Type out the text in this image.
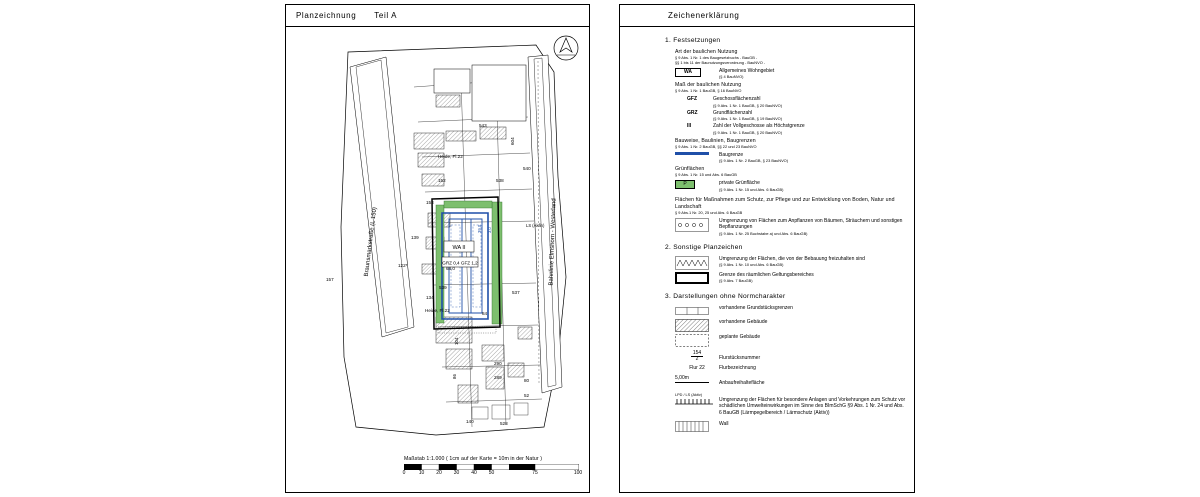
Planzeichnung Teil A
WA II
GRZ 0,4 GFZ 1,2
Braunsmarkstraße (L 150)	Bahnlinie Elmshorn - Westerland
543
604
540
538
152
153
139
122*
157
539
134
537
84
68,0
Heide, Fl.22
Heide, Fl.22
LS (Akfin)
104
86
290
289
80
52
140	528
39,0 3,0
Maßstab 1:1.000 ( 1cm auf der Karte = 10m in der Natur )
0	10 20 30 40 50	75	100
Zeichenerklärung
1. Festsetzungen
Art der baulichen Nutzung
§ 9 Abs. 1 Nr. 1 des Baugesetzbuchs - BauGB -
§§ 1 bis 11 der Baunutzungsverordnung - BauNVO -
WA	Allgemeines Wohngebiet
(§ 4 BauNVO)
Maß der baulichen Nutzung
§ 9 Abs. 1 Nr. 1 BauGB, § 16 BauNVO
GFZ	Geschossflächenzahl
(§ 9 Abs. 1 Nr. 1 BauGB, § 20 BauNVO)
GRZ	Grundflächenzahl
(§ 9 Abs. 1 Nr. 1 BauGB, § 19 BauNVO)
III	Zahl der Vollgeschosse als Höchstgrenze
(§ 9 Abs. 1 Nr. 1 BauGB, § 20 BauNVO)
Bauweise, Baulinien, Baugrenzen
§ 9 Abs. 1 Nr. 2 BauGB, §§ 22 und 23 BauNVO
Baugrenze
(§ 9 Abs. 1 Nr. 2 BauGB, § 23 BauNVO)
Grünflächen
§ 9 Abs. 1 Nr. 15 und Abs. 6 BauGB
P	private Grünfläche
(§ 9 Abs. 1 Nr. 15 und Abs. 6 BauGB)
Flächen für Maßnahmen zum Schutz, zur Pflege und zur Entwicklung von Boden, Natur und Landschaft
§ 9 Abs.1 Nr. 20, 25 und Abs. 6 BauGB
Umgrenzung von Flächen zum Anpflanzen von Bäumen, Sträuchern und sonstigen Bepflanzungen
(§ 9 Abs. 1 Nr. 25 Buchstabe a) und Abs. 6 BauGB)
2. Sonstige Planzeichen
Umgrenzung der Flächen, die von der Bebauung freizuhalten sind
(§ 9 Abs. 1 Nr. 10 und Abs. 6 BauGB)
Grenze des räumlichen Geltungsbereiches
(§ 9 Abs. 7 BauGB)
3. Darstellungen ohne Normcharakter
vorhandene Grundstücksgrenzen
vorhandene Gebäude
geplante Gebäude
154
2	Flurstücksnummer
Flur 22	Flurbezeichnung
5,00m
Anbaufreihaltefläche
LPD / LS (Aktiv)
Umgrenzung der Flächen für besondere Anlagen und Vorkehrungen zum Schutz vor schädlichen Umwelteinwirkungen im Sinne des BImSchG §9 Abs. 1 Nr. 24 und Abs. 6 BauGB (Lärmpegelbereich / Lärmschutz (Aktiv))
Wall
